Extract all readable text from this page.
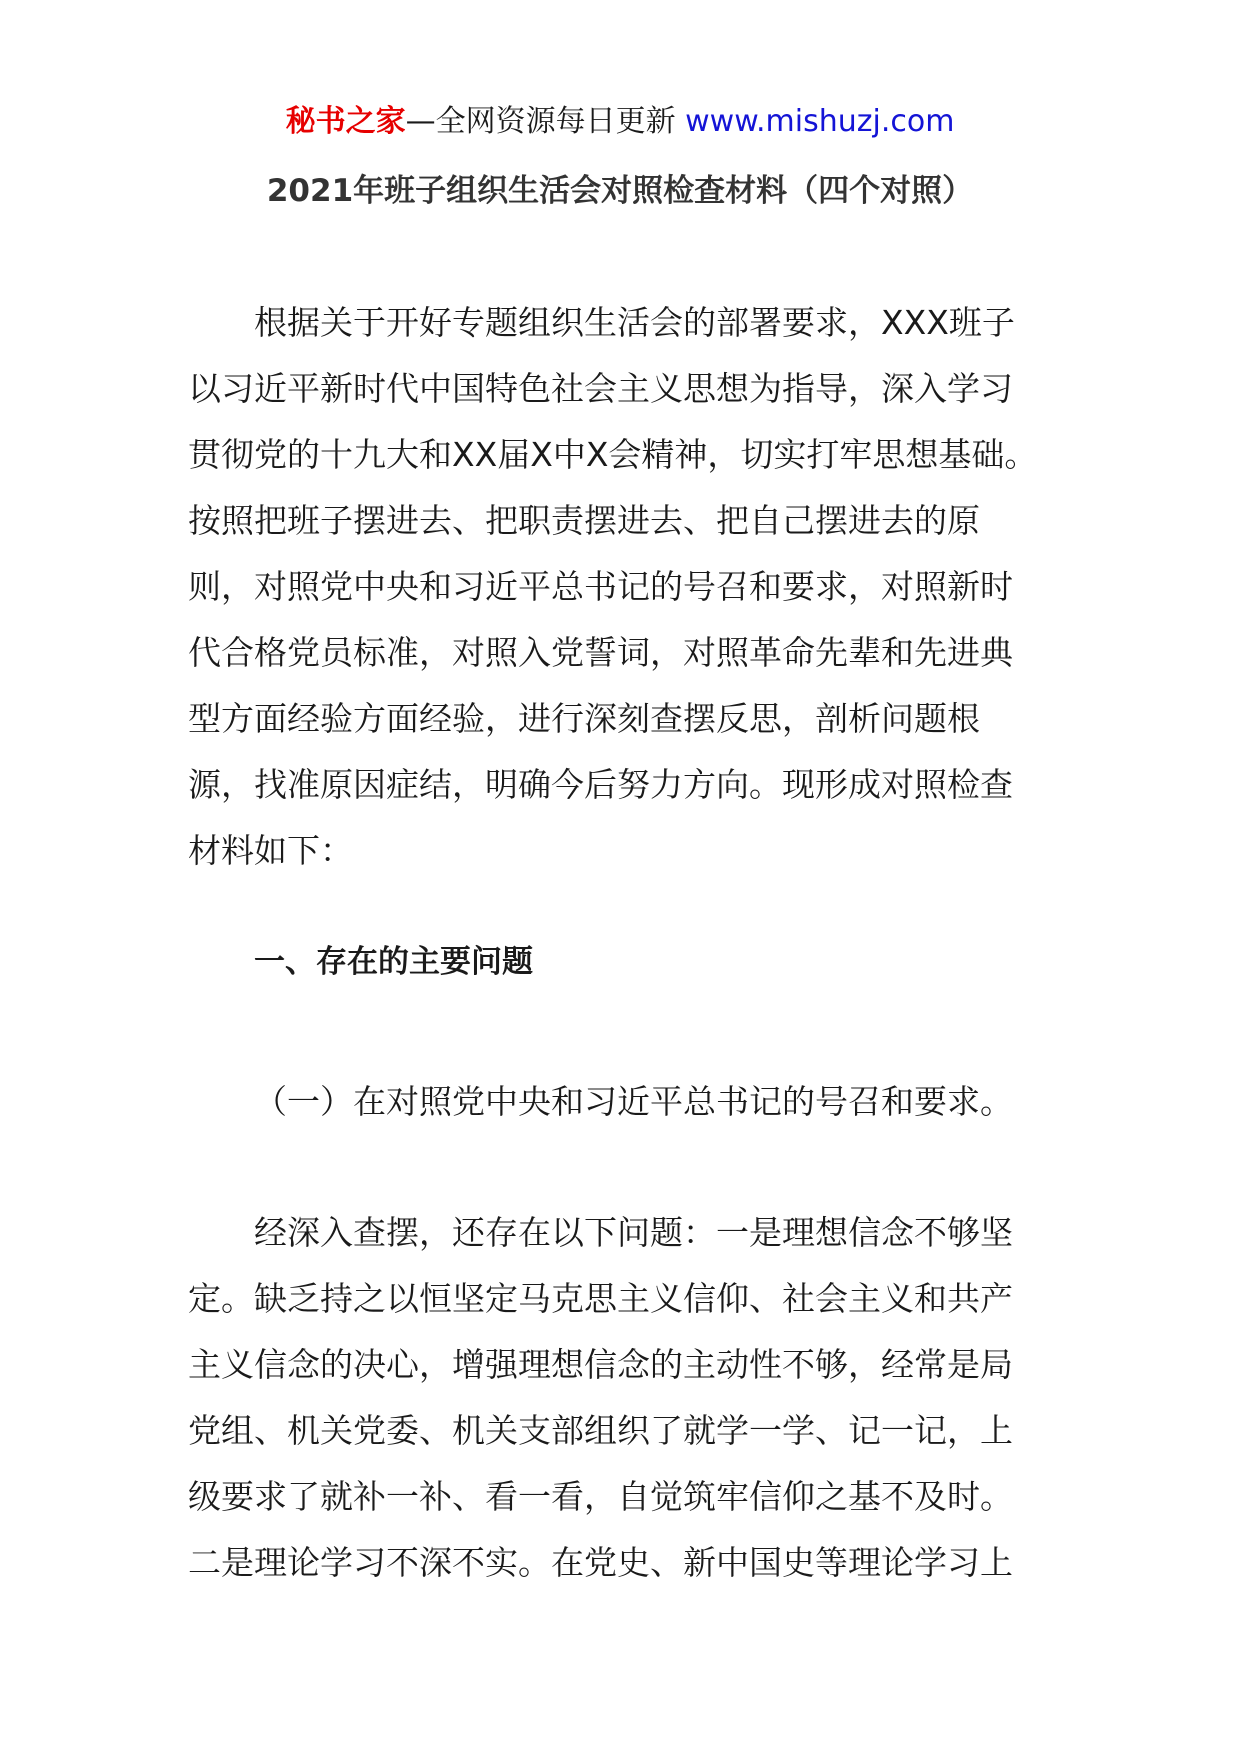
秘书之家—全网资源每日更新 www.mishuzj.com
2021年班子组织生活会对照检查材料（四个对照）

根据关于开好专题组织生活会的部署要求，XXX班子以习近平新时代中国特色社会主义思想为指导，深入学习贯彻党的十九大和XX届X中X会精神，切实打牢思想基础。按照把班子摆进去、把职责摆进去、把自己摆进去的原则，对照党中央和习近平总书记的号召和要求，对照新时代合格党员标准，对照入党誓词，对照革命先辈和先进典型方面经验方面经验，进行深刻查摆反思，剖析问题根源，找准原因症结，明确今后努力方向。现形成对照检查材料如下：

一、存在的主要问题
（一）在对照党中央和习近平总书记的号召和要求。

经深入查摆，还存在以下问题：一是理想信念不够坚定。缺乏持之以恒坚定马克思主义信仰、社会主义和共产主义信念的决心，增强理想信念的主动性不够，经常是局党组、机关党委、机关支部组织了就学一学、记一记，上级要求了就补一补、看一看，自觉筑牢信仰之基不及时。二是理论学习不深不实。在党史、新中国史等理论学习上
